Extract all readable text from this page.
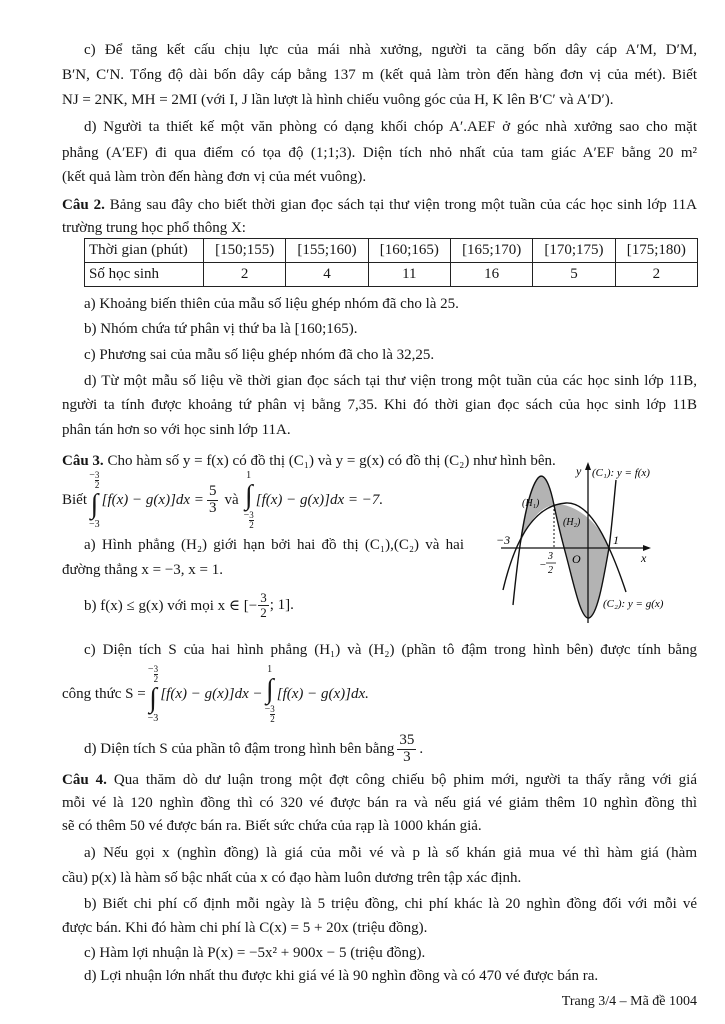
c) Để tăng kết cấu chịu lực của mái nhà xưởng, người ta căng bốn dây cáp A′M, D′M,
B′N, C′N. Tổng độ dài bốn dây cáp bằng 137 m (kết quả làm tròn đến hàng đơn vị của mét). Biết
NJ = 2NK, MH = 2MI (với I, J lần lượt là hình chiếu vuông góc của H, K lên B′C′ và A′D′).
d) Người ta thiết kế một văn phòng có dạng khối chóp A′.AEF ở góc nhà xưởng sao cho mặt
phẳng (A′EF) đi qua điểm có tọa độ (1;1;3). Diện tích nhỏ nhất của tam giác A′EF bằng 20 m²
(kết quả làm tròn đến hàng đơn vị của mét vuông).
Câu 2. Bảng sau đây cho biết thời gian đọc sách tại thư viện trong một tuần của các học sinh lớp 11A
trường trung học phổ thông X:
Thời gian (phút)	[150;155)	[155;160)	[160;165)	[165;170)	[170;175)	[175;180)
Số học sinh	2	4	11	16	5	2
a) Khoảng biến thiên của mẫu số liệu ghép nhóm đã cho là 25.
b) Nhóm chứa tứ phân vị thứ ba là [160;165).
c) Phương sai của mẫu số liệu ghép nhóm đã cho là 32,25.
d) Từ một mẫu số liệu về thời gian đọc sách tại thư viện trong một tuần của các học sinh lớp 11B,
người ta tính được khoảng tứ phân vị bằng 7,35. Khi đó thời gian đọc sách của học sinh lớp 11B
phân tán hơn so với học sinh lớp 11A.
Câu 3. Cho hàm số y = f(x) có đồ thị (C₁) và y = g(x) có đồ thị (C₂) như hình bên.
Biết
− $\frac{3}{2}$
∫
−3
$[f(x) - g(x)]dx = \frac{5}{3}$ và
1
∫
− $\frac{3}{2}$
[f(x) − g(x)]dx = −7.
a) Hình phẳng (H₂) giới hạn bởi hai đồ thị (C₁),(C₂) và hai
đường thẳng x = −3, x = 1.
b) f(x) ≤ g(x) với mọi x ∈ [− $\frac{3}{2}$ ; 1].
y (C₁): y = f(x)
(H₁)
(H₂)
−3	1
x
O
−
3
2
(C₂): y = g(x)
c) Diện tích S của hai hình phẳng (H₁) và (H₂) (phần tô đậm trong hình bên) được tính bằng
công thức S =
− $\frac{3}{2}$
∫
−3
[f(x) − g(x)]dx −
1
∫
− $\frac{3}{2}$
[f(x) − g(x)]dx.
d) Diện tích S của phần tô đậm trong hình bên bằng $\frac{35}{3}$ .
Câu 4. Qua thăm dò dư luận trong một đợt công chiếu bộ phim mới, người ta thấy rằng với giá
mỗi vé là 120 nghìn đồng thì có 320 vé được bán ra và nếu giá vé giảm thêm 10 nghìn đồng thì
sẽ có thêm 50 vé được bán ra. Biết sức chứa của rạp là 1000 khán giả.
a) Nếu gọi x (nghìn đồng) là giá của mỗi vé và p là số khán giả mua vé thì hàm giá (hàm
cầu) p(x) là hàm số bậc nhất của x có đạo hàm luôn dương trên tập xác định.
b) Biết chi phí cố định mỗi ngày là 5 triệu đồng, chi phí khác là 20 nghìn đồng đối với mỗi vé
được bán. Khi đó hàm chi phí là C(x) = 5 + 20x (triệu đồng).
c) Hàm lợi nhuận là P(x) = −5x² + 900x − 5 (triệu đồng).
d) Lợi nhuận lớn nhất thu được khi giá vé là 90 nghìn đồng và có 470 vé được bán ra.
Trang 3/4 – Mã đề 1004
